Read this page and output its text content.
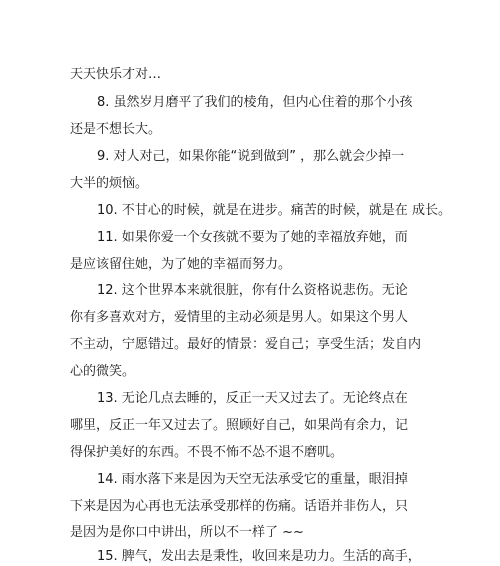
天天快乐才对…
8. 虽然岁月磨平了我们的棱角，但内心住着的那个小孩
还是不想长大。
9. 对人对己，如果你能“说到做到” ，那么就会少掉一
大半的烦恼。
10. 不甘心的时候，就是在进步。痛苦的时候，就是在 成长。
11. 如果你爱一个女孩就不要为了她的幸福放弃她，而
是应该留住她，为了她的幸福而努力。
12. 这个世界本来就很脏，你有什么资格说悲伤。无论
你有多喜欢对方，爱情里的主动必须是男人。如果这个男人
不主动，宁愿错过。最好的情景：爱自己；享受生活；发自内
心的微笑。
13. 无论几点去睡的，反正一天又过去了。无论终点在
哪里，反正一年又过去了。照顾好自己，如果尚有余力，记
得保护美好的东西。不畏不怖不怂不退不磨叽。
14. 雨水落下来是因为天空无法承受它的重量，眼泪掉
下来是因为心再也无法承受那样的伤痛。话语并非伤人，只
是因为是你口中讲出，所以不一样了 ~~
15. 脾气，发出去是秉性，收回来是功力。生活的高手，
